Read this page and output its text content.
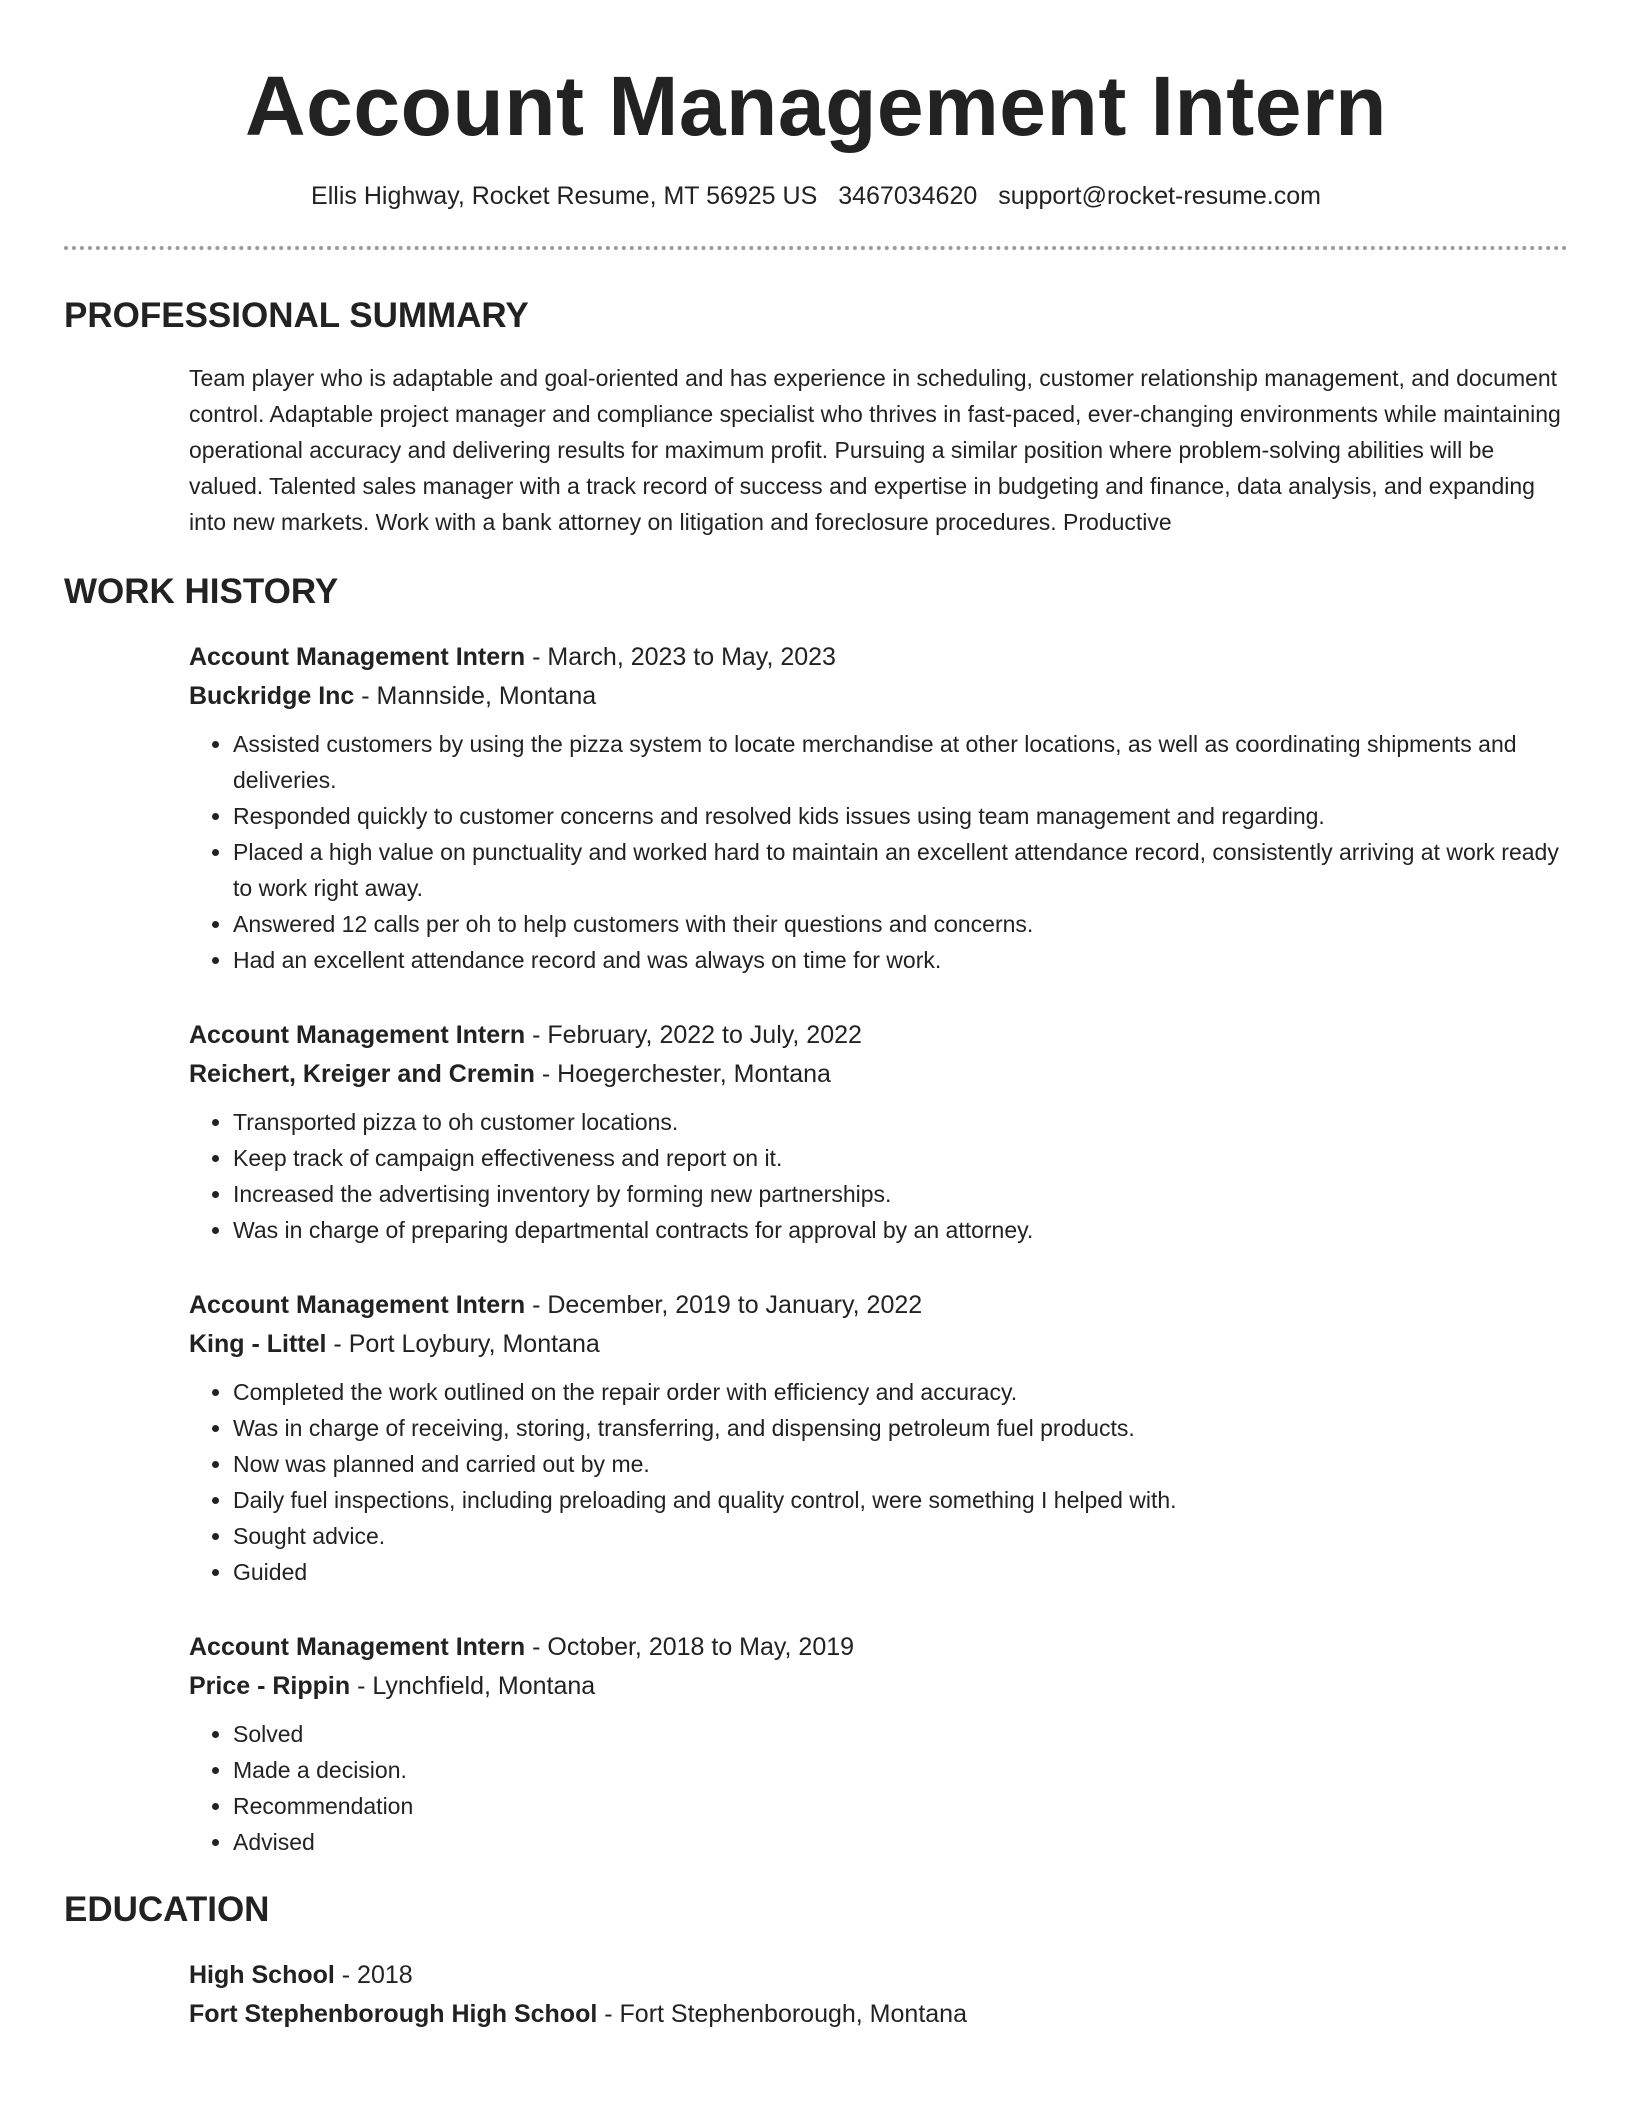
Account Management Intern
Ellis Highway, Rocket Resume, MT 56925 US 3467034620 support@rocket-resume.com
PROFESSIONAL SUMMARY
Team player who is adaptable and goal-oriented and has experience in scheduling, customer relationship management, and document control. Adaptable project manager and compliance specialist who thrives in fast-paced, ever-changing environments while maintaining operational accuracy and delivering results for maximum profit. Pursuing a similar position where problem-solving abilities will be valued. Talented sales manager with a track record of success and expertise in budgeting and finance, data analysis, and expanding into new markets. Work with a bank attorney on litigation and foreclosure procedures. Productive
WORK HISTORY
Account Management Intern - March, 2023 to May, 2023
Buckridge Inc - Mannside, Montana
• Assisted customers by using the pizza system to locate merchandise at other locations, as well as coordinating shipments and deliveries.
• Responded quickly to customer concerns and resolved kids issues using team management and regarding.
• Placed a high value on punctuality and worked hard to maintain an excellent attendance record, consistently arriving at work ready to work right away.
• Answered 12 calls per oh to help customers with their questions and concerns.
• Had an excellent attendance record and was always on time for work.
Account Management Intern - February, 2022 to July, 2022
Reichert, Kreiger and Cremin - Hoegerchester, Montana
• Transported pizza to oh customer locations.
• Keep track of campaign effectiveness and report on it.
• Increased the advertising inventory by forming new partnerships.
• Was in charge of preparing departmental contracts for approval by an attorney.
Account Management Intern - December, 2019 to January, 2022
King - Littel - Port Loybury, Montana
• Completed the work outlined on the repair order with efficiency and accuracy.
• Was in charge of receiving, storing, transferring, and dispensing petroleum fuel products.
• Now was planned and carried out by me.
• Daily fuel inspections, including preloading and quality control, were something I helped with.
• Sought advice.
• Guided
Account Management Intern - October, 2018 to May, 2019
Price - Rippin - Lynchfield, Montana
• Solved
• Made a decision.
• Recommendation
• Advised
EDUCATION
High School - 2018
Fort Stephenborough High School - Fort Stephenborough, Montana
